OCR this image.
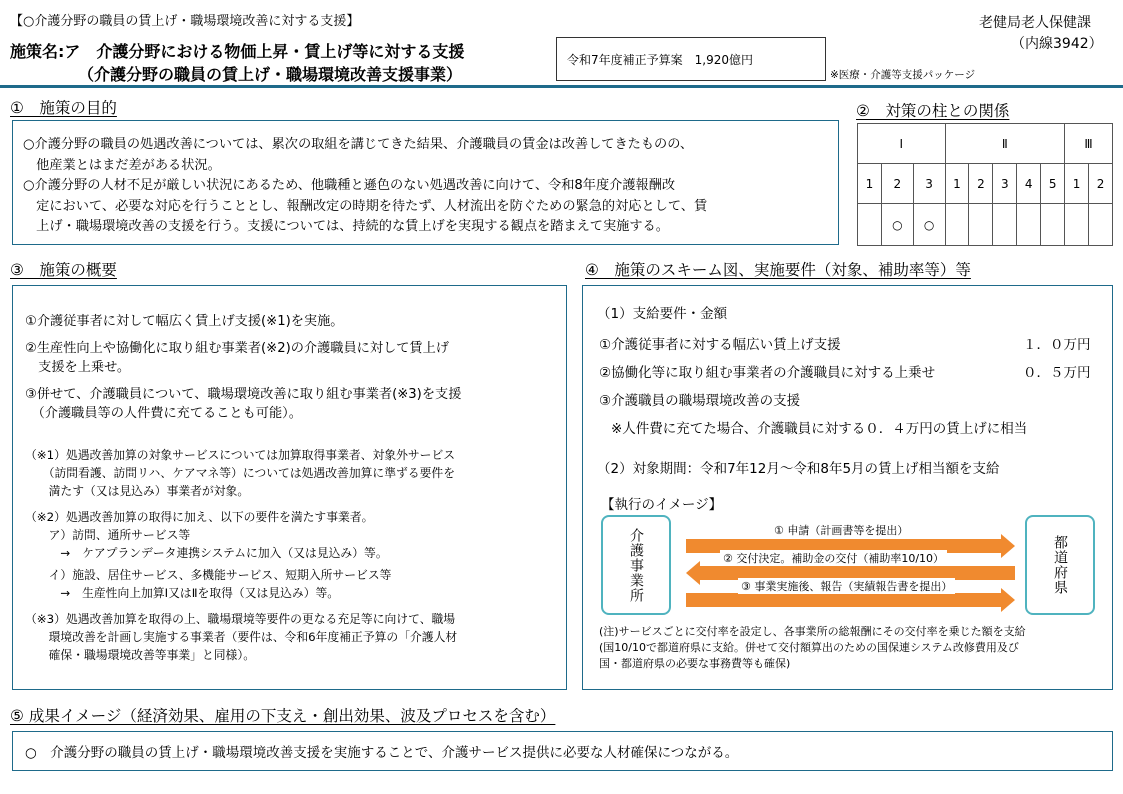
【○介護分野の職員の賃上げ・職場環境改善に対する支援】
施策名:ア　介護分野における物価上昇・賃上げ等に対する支援
（介護分野の職員の賃上げ・職場環境改善支援事業）
令和7年度補正予算案　1,920億円
※医療・介護等支援パッケージ
老健局老人保健課
（内線3942）
①　施策の目的
○介護分野の職員の処遇改善については、累次の取組を講じてきた結果、介護職員の賃金は改善してきたものの、
　他産業とはまだ差がある状況。
○介護分野の人材不足が厳しい状況にあるため、他職種と遜色のない処遇改善に向けて、令和8年度介護報酬改
　定において、必要な対応を行うこととし、報酬改定の時期を待たず、人材流出を防ぐための緊急的対応として、賃
　上げ・職場環境改善の支援を行う。支援については、持続的な賃上げを実現する観点を踏まえて実施する。
②　対策の柱との関係
Ⅰ			Ⅱ					Ⅲ	
1	2	3	1	2	3	4	5	1	2
	○	○							
③　施策の概要
①介護従事者に対して幅広く賃上げ支援(※1)を実施。
②生産性向上や協働化に取り組む事業者(※2)の介護職員に対して賃上げ
　支援を上乗せ。
③併せて、介護職員について、職場環境改善に取り組む事業者(※3)を支援
　（介護職員等の人件費に充てることも可能）。
（※1）処遇改善加算の対象サービスについては加算取得事業者、対象外サービス
　　（訪問看護、訪問リハ、ケアマネ等）については処遇改善加算に準ずる要件を
　　満たす（又は見込み）事業者が対象。
（※2）処遇改善加算の取得に加え、以下の要件を満たす事業者。
　　ア）訪問、通所サービス等
　　　→　ケアプランデータ連携システムに加入（又は見込み）等。
　　イ）施設、居住サービス、多機能サービス、短期入所サービス等
　　　→　生産性向上加算Ⅰ又はⅡを取得（又は見込み）等。
（※3）処遇改善加算を取得の上、職場環境等要件の更なる充足等に向けて、職場
　　環境改善を計画し実施する事業者（要件は、令和6年度補正予算の「介護人材
　　確保・職場環境改善等事業」と同様）。
④　施策のスキーム図、実施要件（対象、補助率等）等
（1）支給要件・金額
①介護従事者に対する幅広い賃上げ支援	１．０万円
②協働化等に取り組む事業者の介護職員に対する上乗せ	０．５万円
③介護職員の職場環境改善の支援
※人件費に充てた場合、介護職員に対する０．４万円の賃上げに相当
（2）対象期間：令和7年12月～令和8年5月の賃上げ相当額を支給
【執行のイメージ】
介護事業所	都道府県
① 申請（計画書等を提出）
② 交付決定。補助金の交付（補助率10/10）
③ 事業実施後、報告（実績報告書を提出）
(注)サービスごとに交付率を設定し、各事業所の総報酬にその交付率を乗じた額を支給
(国10/10で都道府県に支給。併せて交付額算出のための国保連システム改修費用及び
国・都道府県の必要な事務費等も確保)
⑤ 成果イメージ（経済効果、雇用の下支え・創出効果、波及プロセスを含む）
○　介護分野の職員の賃上げ・職場環境改善支援を実施することで、介護サービス提供に必要な人材確保につながる。
